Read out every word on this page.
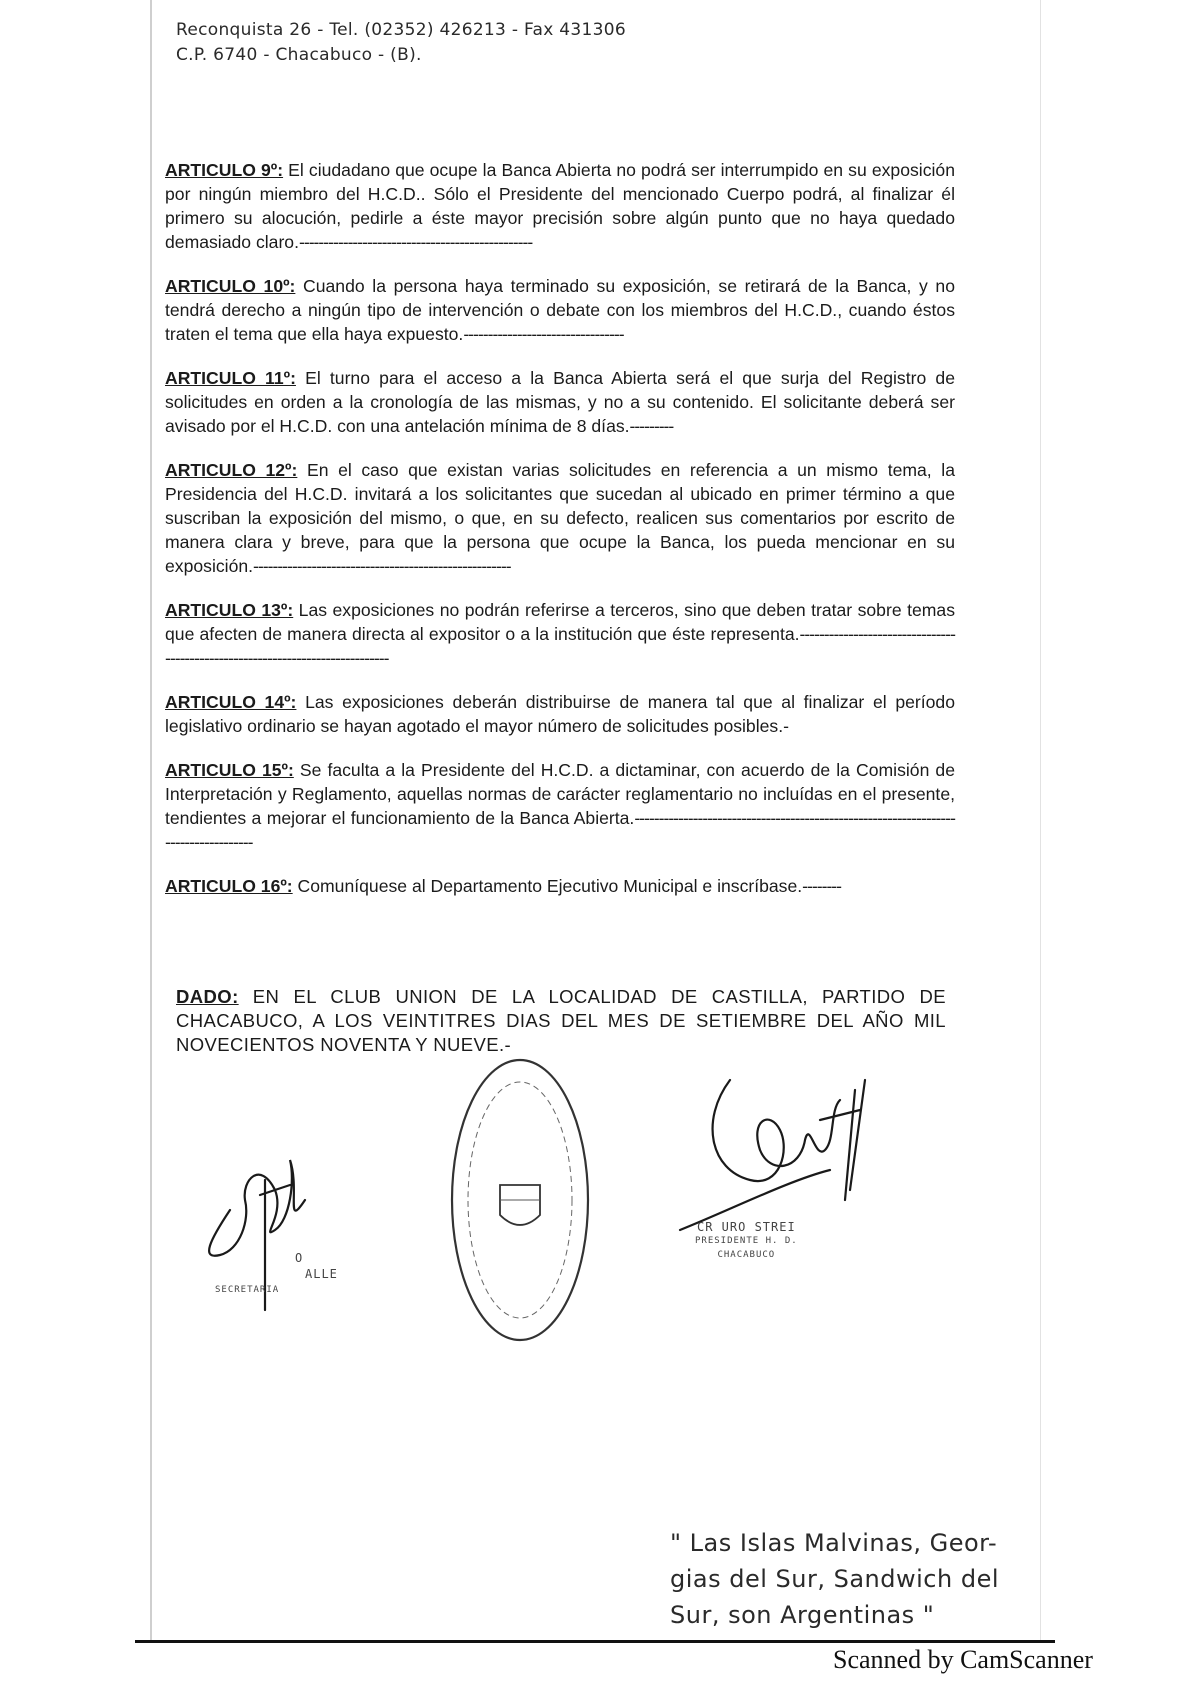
Reconquista 26 - Tel. (02352) 426213 - Fax 431306
C.P. 6740 - Chacabuco - (B).

ARTICULO 9º: El ciudadano que ocupe la Banca Abierta no podrá ser interrumpido en su exposición por ningún miembro del H.C.D.. Sólo el Presidente del mencionado Cuerpo podrá, al finalizar él primero su alocución, pedirle a éste mayor precisión sobre algún punto que no haya quedado demasiado claro.------------------------------------------------

ARTICULO 10º: Cuando la persona haya terminado su exposición, se retirará de la Banca, y no tendrá derecho a ningún tipo de intervención o debate con los miembros del H.C.D., cuando éstos traten el tema que ella haya expuesto.---------------------------------

ARTICULO 11º: El turno para el acceso a la Banca Abierta será el que surja del Registro de solicitudes en orden a la cronología de las mismas, y no a su contenido. El solicitante deberá ser avisado por el H.C.D. con una antelación mínima de 8 días.---------

ARTICULO 12º: En el caso que existan varias solicitudes en referencia a un mismo tema, la Presidencia del H.C.D. invitará a los solicitantes que sucedan al ubicado en primer término a que suscriban la exposición del mismo, o que, en su defecto, realicen sus comentarios por escrito de manera clara y breve, para que la persona que ocupe la Banca, los pueda mencionar en su exposición.-----------------------------------------------------

ARTICULO 13º: Las exposiciones no podrán referirse a terceros, sino que deben tratar sobre temas que afecten de manera directa al expositor o a la institución que éste representa.------------------------------------------------------------------------------

ARTICULO 14º: Las exposiciones deberán distribuirse de manera tal que al finalizar el período legislativo ordinario se hayan agotado el mayor número de solicitudes posibles.-

ARTICULO 15º: Se faculta a la Presidente del H.C.D. a dictaminar, con acuerdo de la Comisión de Interpretación y Reglamento, aquellas normas de carácter reglamentario no incluídas en el presente, tendientes a mejorar el funcionamiento de la Banca Abierta.------------------------------------------------------------------------------------

ARTICULO 16º: Comuníquese al Departamento Ejecutivo Municipal e inscríbase.--------

DADO: EN EL CLUB UNION DE LA LOCALIDAD DE CASTILLA, PARTIDO DE CHACABUCO, A LOS VEINTITRES DIAS DEL MES DE SETIEMBRE DEL AÑO MIL NOVECIENTOS NOVENTA Y NUEVE.-
O
ALLE
SECRETARIA
CR URO STREI
PRESIDENTE H. D.
CHACABUCO
" Las Islas Malvinas, Geor-
gias del Sur, Sandwich del
Sur, son Argentinas "
Scanned by CamScanner
